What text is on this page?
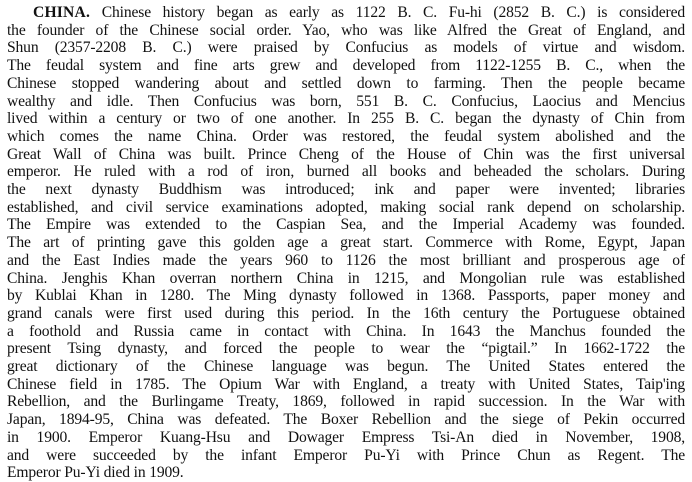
CHINA. Chinese history began as early as 1122 B. C. Fu-hi (2852 B. C.) is considered
the founder of the Chinese social order. Yao, who was like Alfred the Great of England, and
Shun (2357-2208 B. C.) were praised by Confucius as models of virtue and wisdom.
The feudal system and fine arts grew and developed from 1122-1255 B. C., when the
Chinese stopped wandering about and settled down to farming. Then the people became
wealthy and idle. Then Confucius was born, 551 B. C. Confucius, Laocius and Mencius
lived within a century or two of one another. In 255 B. C. began the dynasty of Chin from
which comes the name China. Order was restored, the feudal system abolished and the
Great Wall of China was built. Prince Cheng of the House of Chin was the first universal
emperor. He ruled with a rod of iron, burned all books and beheaded the scholars. During
the next dynasty Buddhism was introduced; ink and paper were invented; libraries
established, and civil service examinations adopted, making social rank depend on scholarship.
The Empire was extended to the Caspian Sea, and the Imperial Academy was founded.
The art of printing gave this golden age a great start. Commerce with Rome, Egypt, Japan
and the East Indies made the years 960 to 1126 the most brilliant and prosperous age of
China. Jenghis Khan overran northern China in 1215, and Mongolian rule was established
by Kublai Khan in 1280. The Ming dynasty followed in 1368. Passports, paper money and
grand canals were first used during this period. In the 16th century the Portuguese obtained
a foothold and Russia came in contact with China. In 1643 the Manchus founded the
present Tsing dynasty, and forced the people to wear the “pigtail.” In 1662-1722 the
great dictionary of the Chinese language was begun. The United States entered the
Chinese field in 1785. The Opium War with England, a treaty with United States, Taip'ing
Rebellion, and the Burlingame Treaty, 1869, followed in rapid succession. In the War with
Japan, 1894-95, China was defeated. The Boxer Rebellion and the siege of Pekin occurred
in 1900. Emperor Kuang-Hsu and Dowager Empress Tsi-An died in November, 1908,
and were succeeded by the infant Emperor Pu-Yi with Prince Chun as Regent. The
Emperor Pu-Yi died in 1909.
